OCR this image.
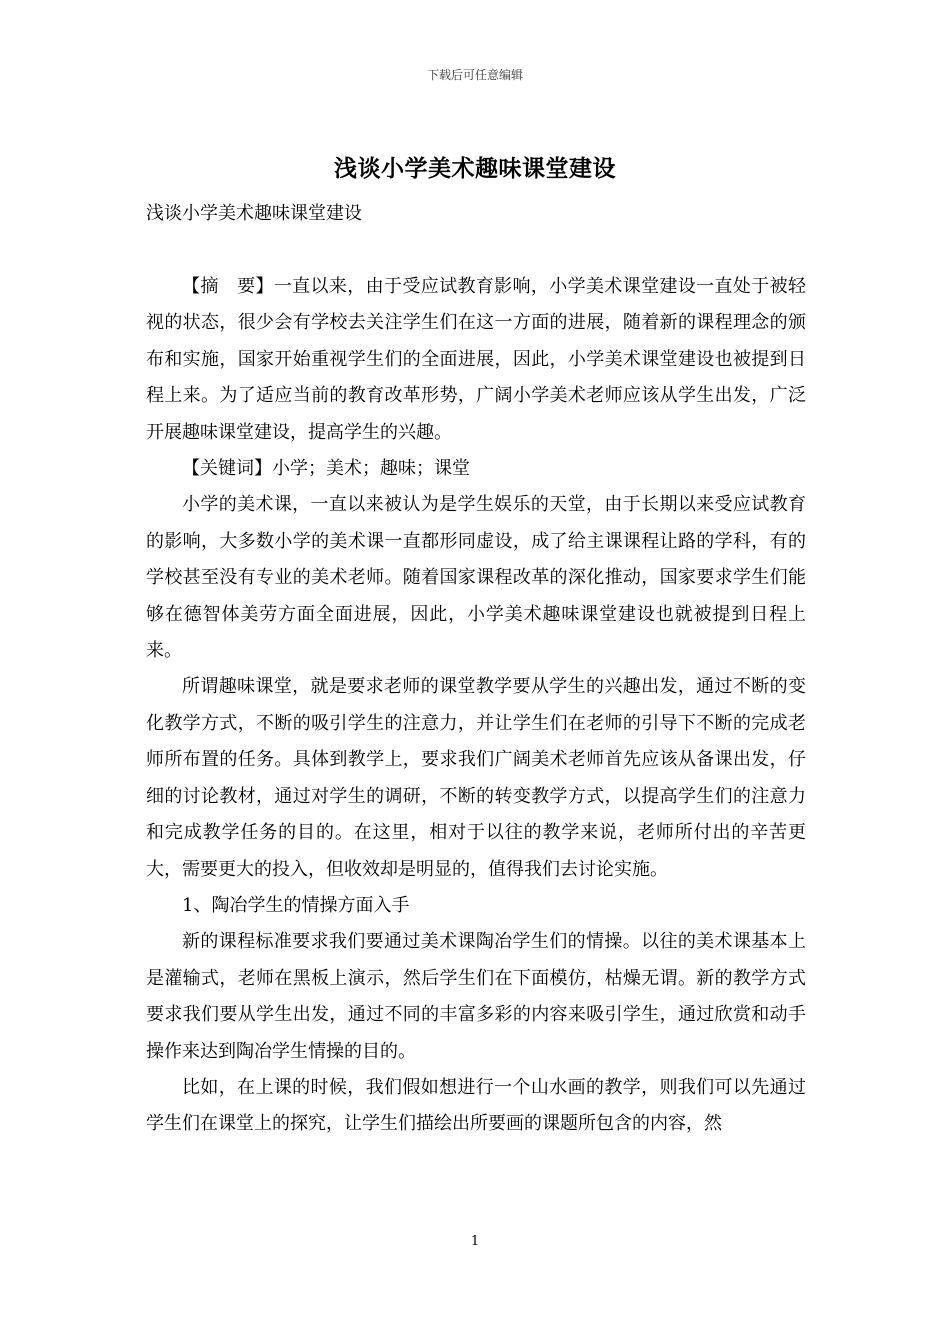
下载后可任意编辑
浅谈小学美术趣味课堂建设
浅谈小学美术趣味课堂建设

【摘　要】一直以来，由于受应试教育影响，小学美术课堂建设一直处于被轻视的状态，很少会有学校去关注学生们在这一方面的进展，随着新的课程理念的颁布和实施，国家开始重视学生们的全面进展，因此，小学美术课堂建设也被提到日程上来。为了适应当前的教育改革形势，广阔小学美术老师应该从学生出发，广泛开展趣味课堂建设，提高学生的兴趣。

【关键词】小学；美术；趣味；课堂

小学的美术课，一直以来被认为是学生娱乐的天堂，由于长期以来受应试教育的影响，大多数小学的美术课一直都形同虚设，成了给主课课程让路的学科，有的学校甚至没有专业的美术老师。随着国家课程改革的深化推动，国家要求学生们能够在德智体美劳方面全面进展，因此，小学美术趣味课堂建设也就被提到日程上来。

所谓趣味课堂，就是要求老师的课堂教学要从学生的兴趣出发，通过不断的变化教学方式，不断的吸引学生的注意力，并让学生们在老师的引导下不断的完成老师所布置的任务。具体到教学上，要求我们广阔美术老师首先应该从备课出发，仔细的讨论教材，通过对学生的调研，不断的转变教学方式，以提高学生们的注意力和完成教学任务的目的。在这里，相对于以往的教学来说，老师所付出的辛苦更大，需要更大的投入，但收效却是明显的，值得我们去讨论实施。

1、陶冶学生的情操方面入手

新的课程标准要求我们要通过美术课陶冶学生们的情操。以往的美术课基本上是灌输式，老师在黑板上演示，然后学生们在下面模仿，枯燥无谓。新的教学方式要求我们要从学生出发，通过不同的丰富多彩的内容来吸引学生，通过欣赏和动手操作来达到陶冶学生情操的目的。

比如，在上课的时候，我们假如想进行一个山水画的教学，则我们可以先通过学生们在课堂上的探究，让学生们描绘出所要画的课题所包含的内容，然

1
